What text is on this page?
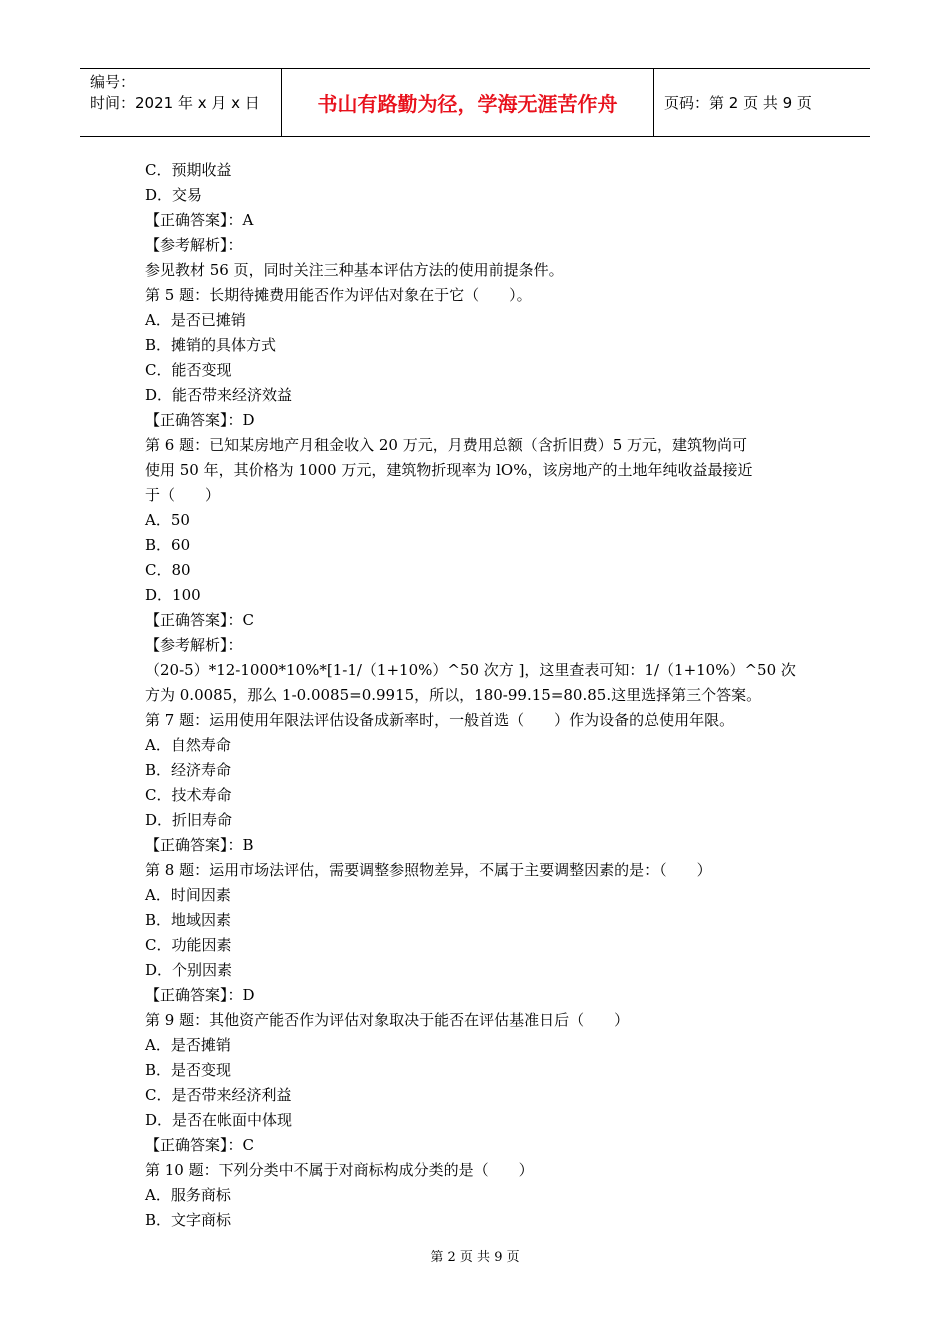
编号：
时间：2021 年 x 月 x 日	书山有路勤为径，学海无涯苦作舟	页码：第 2 页 共 9 页
C．预期收益
D．交易
【正确答案】：A
【参考解析】：
参见教材 56 页，同时关注三种基本评估方法的使用前提条件。
第 5 题：长期待摊费用能否作为评估对象在于它（　　）。
A．是否已摊销
B．摊销的具体方式
C．能否变现
D．能否带来经济效益
【正确答案】：D
第 6 题：已知某房地产月租金收入 20 万元，月费用总额（含折旧费）5 万元，建筑物尚可
使用 50 年，其价格为 1000 万元，建筑物折现率为 lO%，该房地产的土地年纯收益最接近
于（　　）
A．50
B．60
C．80
D．100
【正确答案】：C
【参考解析】：
（20-5）*12-1000*10%*[1-1/（1+10%）^50 次方 ]，这里查表可知：1/（1+10%）^50 次
方为 0.0085，那么 1-0.0085=0.9915，所以，180-99.15=80.85.这里选择第三个答案。
第 7 题：运用使用年限法评估设备成新率时，一般首选（　　）作为设备的总使用年限。
A．自然寿命
B．经济寿命
C．技术寿命
D．折旧寿命
【正确答案】：B
第 8 题：运用市场法评估，需要调整参照物差异，不属于主要调整因素的是：（　　）
A．时间因素
B．地域因素
C．功能因素
D．个别因素
【正确答案】：D
第 9 题：其他资产能否作为评估对象取决于能否在评估基准日后（　　）
A．是否摊销
B．是否变现
C．是否带来经济利益
D．是否在帐面中体现
【正确答案】：C
第 10 题：下列分类中不属于对商标构成分类的是（　　）
A．服务商标
B．文字商标
第 2 页 共 9 页
